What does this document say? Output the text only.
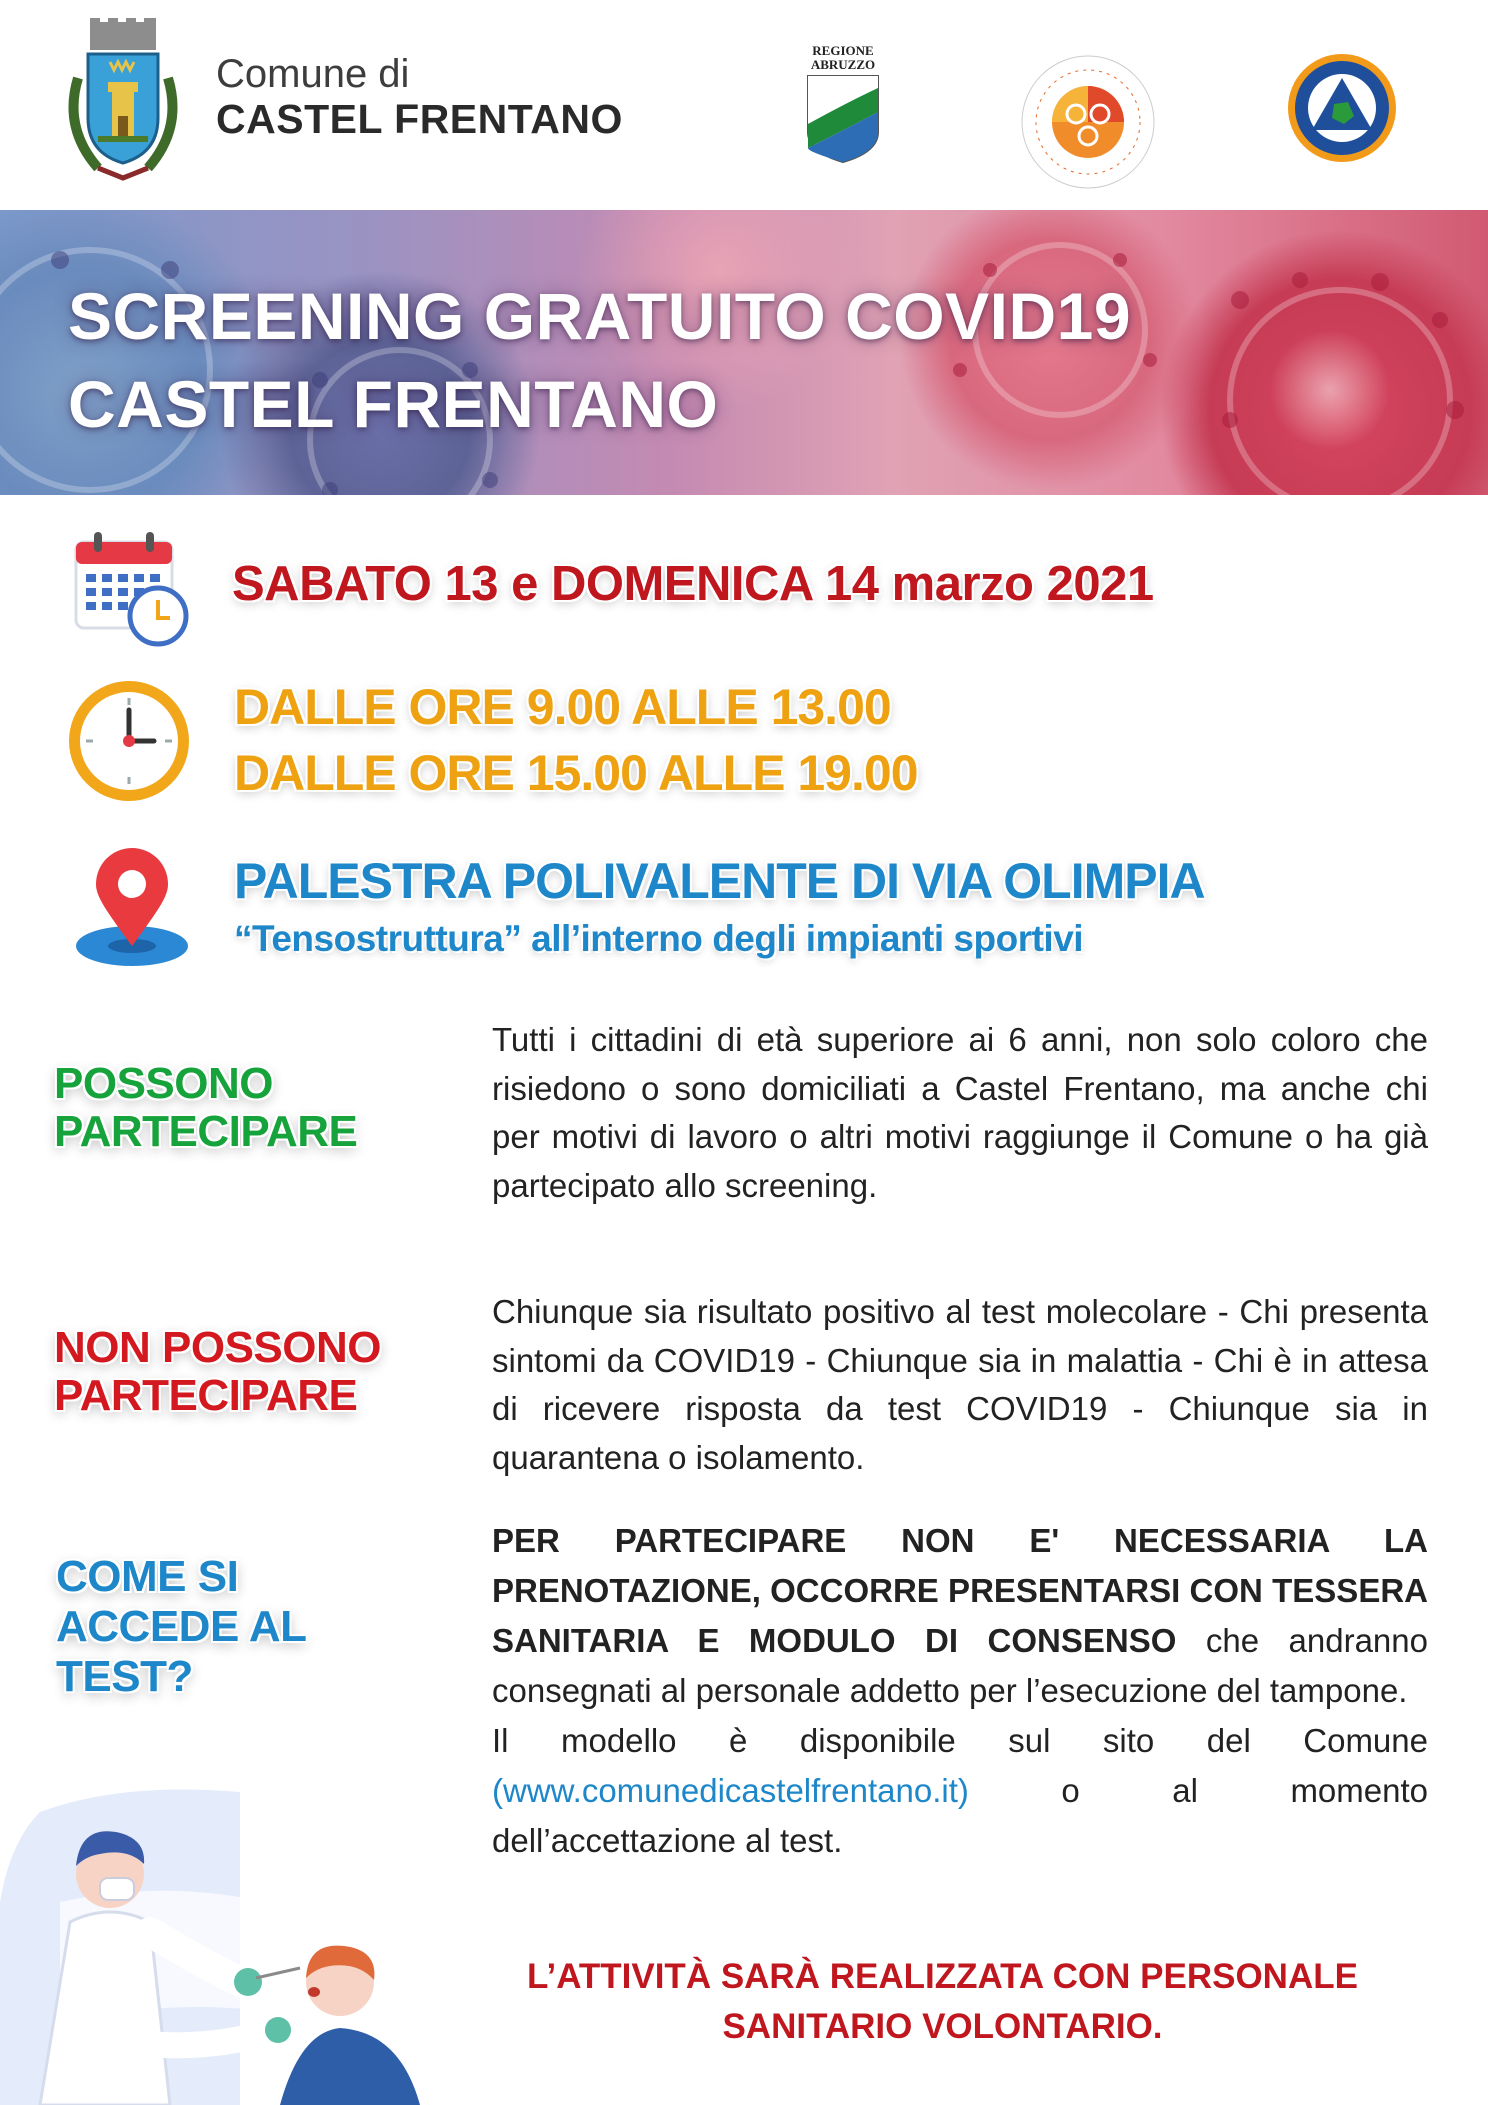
Comune di
CASTEL FRENTANO
REGIONE
ABRUZZO
SCREENING GRATUITO COVID19
CASTEL FRENTANO
SABATO 13 e DOMENICA 14 marzo 2021
DALLE ORE 9.00 ALLE 13.00
DALLE ORE 15.00 ALLE 19.00
PALESTRA POLIVALENTE DI VIA OLIMPIA
“Tensostruttura” all’interno degli impianti sportivi
POSSONO
PARTECIPARE
Tutti i cittadini di età superiore ai 6 anni, non solo coloro che risiedono o sono domiciliati a Castel Frentano, ma anche chi per motivi di lavoro o altri motivi raggiunge il Comune o ha già partecipato allo screening.
NON POSSONO
PARTECIPARE
Chiunque sia risultato positivo al test molecolare - Chi presenta sintomi da COVID19 - Chiunque sia in malattia - Chi è in attesa di ricevere risposta da test COVID19 - Chiunque sia in quarantena o isolamento.
COME SI
ACCEDE AL
TEST?
PER PARTECIPARE NON E' NECESSARIA LA PRENOTAZIONE, OCCORRE PRESENTARSI CON TESSERA SANITARIA E MODULO DI CONSENSO che andranno consegnati al personale addetto per l’esecuzione del tampone.
Il modello è disponibile sul sito del Comune (www.comunedicastelfrentano.it)	o al momento dell’accettazione al test.
L’ATTIVITÀ SARÀ REALIZZATA CON PERSONALE
SANITARIO VOLONTARIO.
